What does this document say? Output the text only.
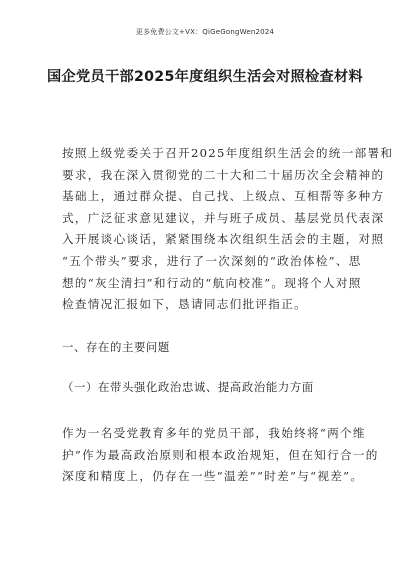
更多免费公文+VX：QiGeGongWen2024
国企党员干部2025年度组织生活会对照检查材料
按照上级党委关于召开2025年度组织生活会的统一部署和
要求，我在深入贯彻党的二十大和二十届历次全会精神的
基础上，通过群众提、自己找、上级点、互相帮等多种方
式，广泛征求意见建议，并与班子成员、基层党员代表深
入开展谈心谈话，紧紧围绕本次组织生活会的主题，对照
“五个带头”要求，进行了一次深刻的“政治体检”、思
想的“灰尘清扫”和行动的“航向校准”。现将个人对照
检查情况汇报如下，恳请同志们批评指正。
一、存在的主要问题
（一）在带头强化政治忠诚、提高政治能力方面
作为一名受党教育多年的党员干部，我始终将“两个维
护”作为最高政治原则和根本政治规矩，但在知行合一的
深度和精度上，仍存在一些“温差”“时差”与“视差”。
